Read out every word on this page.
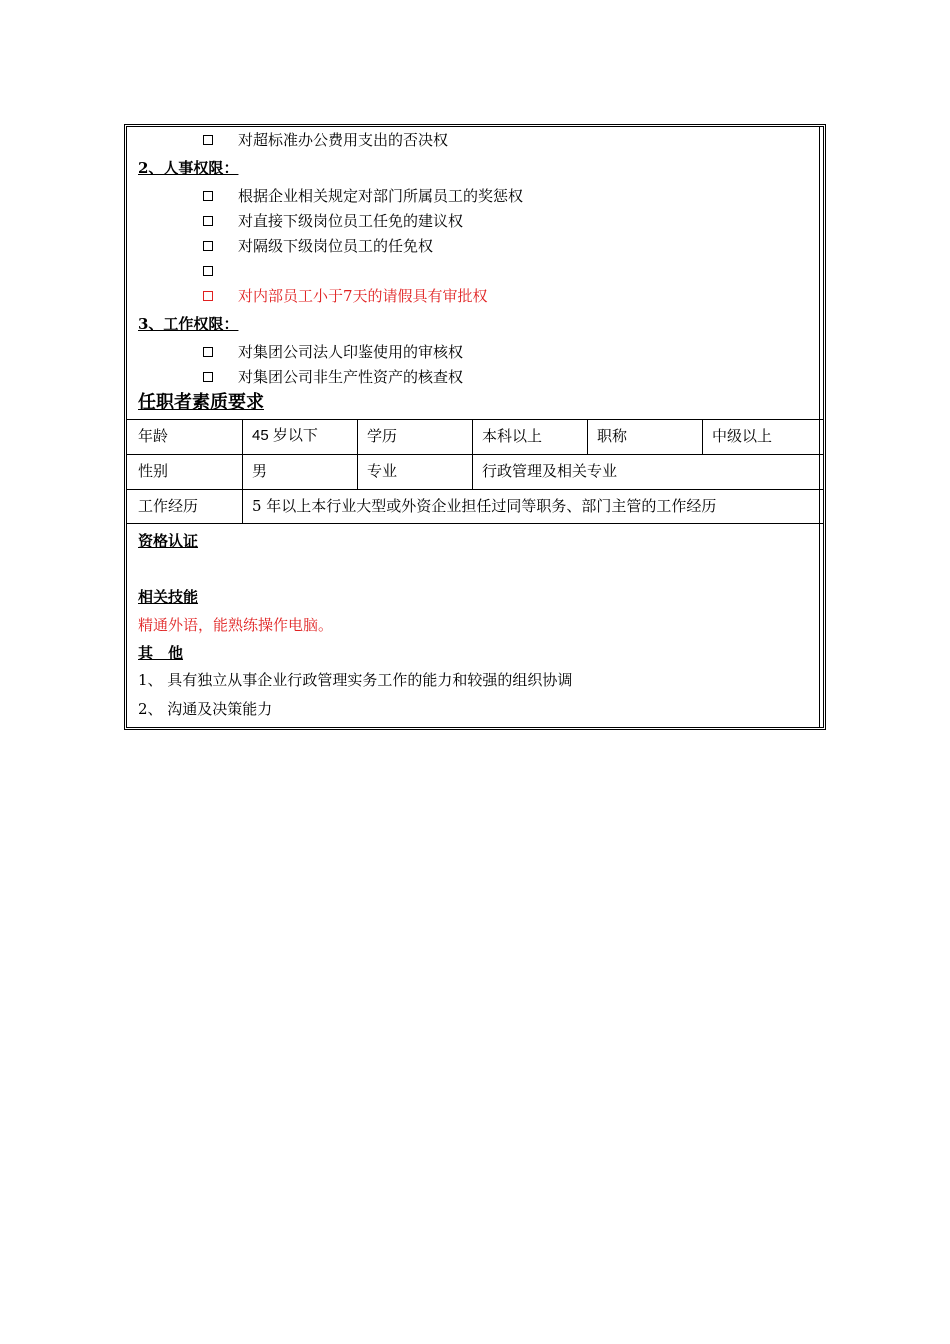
对超标准办公费用支出的否决权
2、人事权限：
根据企业相关规定对部门所属员工的奖惩权
对直接下级岗位员工任免的建议权
对隔级下级岗位员工的任免权
对内部员工小于7天的请假具有审批权
3、工作权限：
对集团公司法人印鉴使用的审核权
对集团公司非生产性资产的核查权
任职者素质要求
年龄	45 岁以下	学历	本科以上	职称	中级以上
性别	男	专业	行政管理及相关专业
工作经历	5 年以上本行业大型或外资企业担任过同等职务、部门主管的工作经历
资格认证
相关技能
精通外语，能熟练操作电脑。
其　他
1、 具有独立从事企业行政管理实务工作的能力和较强的组织协调
2、 沟通及决策能力
